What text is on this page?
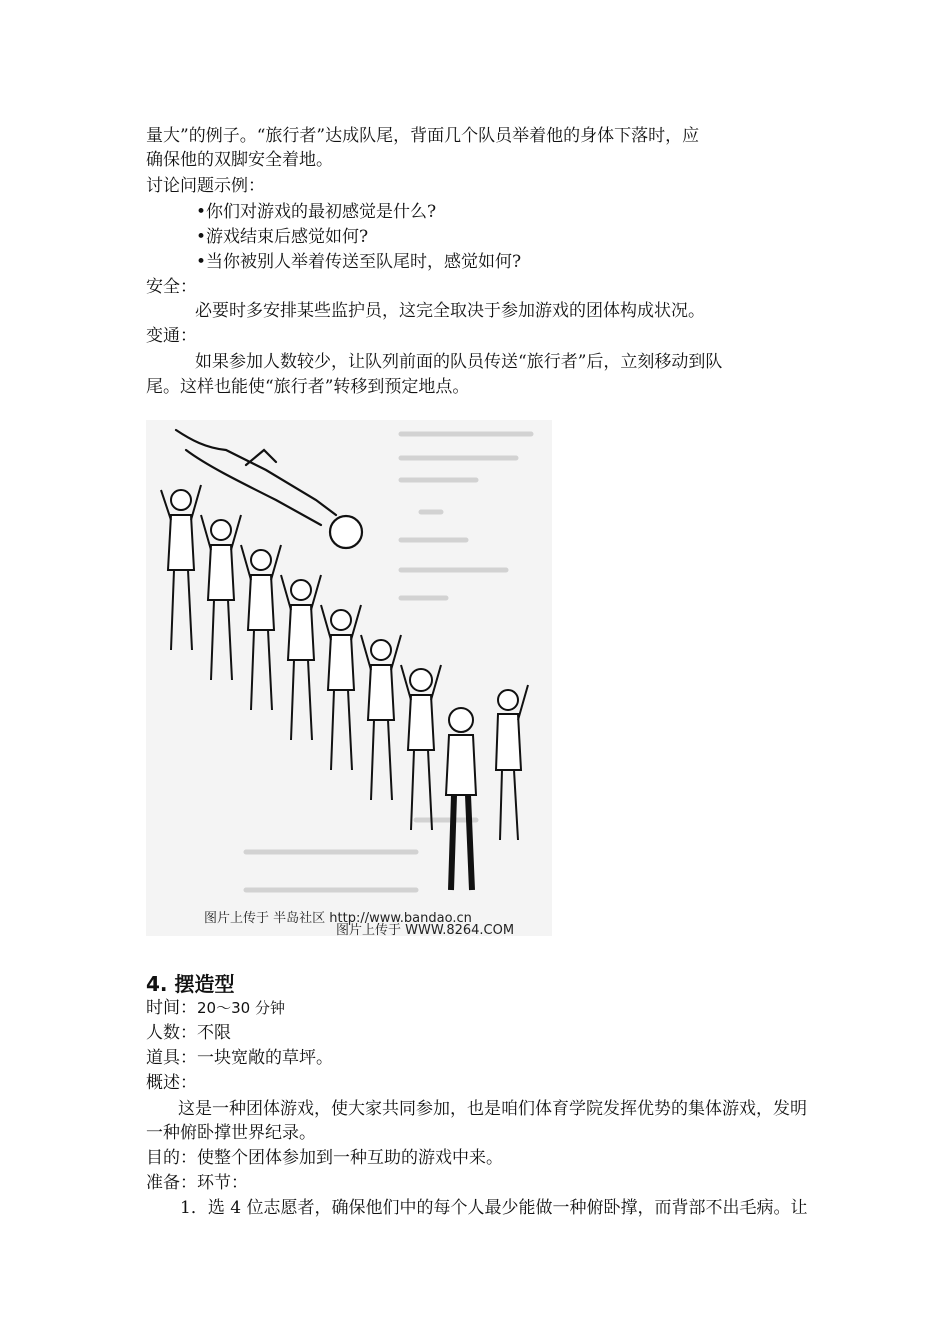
量大”的例子。“旅行者”达成队尾，背面几个队员举着他的身体下落时，应
确保他的双脚安全着地。
讨论问题示例：
•你们对游戏的最初感觉是什么?
•游戏结束后感觉如何?
•当你被别人举着传送至队尾时，感觉如何?
安全：
必要时多安排某些监护员，这完全取决于参加游戏的团体构成状况。
变通：
如果参加人数较少，让队列前面的队员传送“旅行者”后，立刻移动到队
尾。这样也能使“旅行者”转移到预定地点。
图片上传于 半岛社区 http://www.bandao.cn
图片上传于 WWW.8264.COM
4. 摆造型
时间：20～30 分钟
人数：不限
道具：一块宽敞的草坪。
概述：
这是一种团体游戏，使大家共同参加，也是咱们体育学院发挥优势的集体游戏，发明
一种俯卧撑世界纪录。
目的：使整个团体参加到一种互助的游戏中来。
准备：环节：
1．选 4 位志愿者，确保他们中的每个人最少能做一种俯卧撑，而背部不出毛病。让
